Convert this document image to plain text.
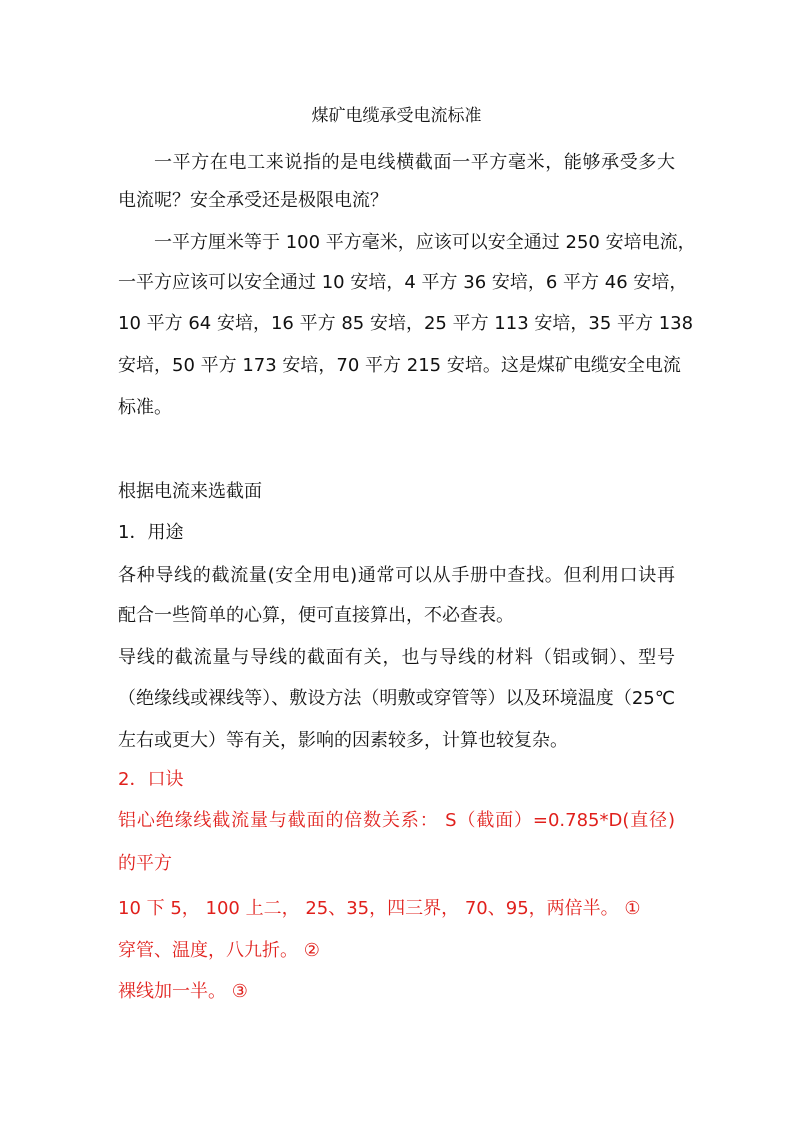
煤矿电缆承受电流标准
一平方在电工来说指的是电线横截面一平方毫米，能够承受多大
电流呢？安全承受还是极限电流？
一平方厘米等于 100 平方毫米，应该可以安全通过 250 安培电流，
一平方应该可以安全通过 10 安培，4 平方 36 安培，6 平方 46 安培，
10 平方 64 安培，16 平方 85 安培，25 平方 113 安培，35 平方 138
安培，50 平方 173 安培，70 平方 215 安培。这是煤矿电缆安全电流
标准。
根据电流来选截面
1．用途
各种导线的截流量(安全用电)通常可以从手册中查找。但利用口诀再
配合一些简单的心算，便可直接算出，不必查表。
导线的截流量与导线的截面有关，也与导线的材料（铝或铜）、型号
（绝缘线或裸线等）、敷设方法（明敷或穿管等）以及环境温度（25℃
左右或更大）等有关，影响的因素较多，计算也较复杂。
2．口诀
铝心绝缘线截流量与截面的倍数关系： S（截面）=0.785*D(直径)
的平方
10 下 5， 100 上二， 25、35，四三界， 70、95，两倍半。 ①
穿管、温度，八九折。 ②
裸线加一半。 ③
